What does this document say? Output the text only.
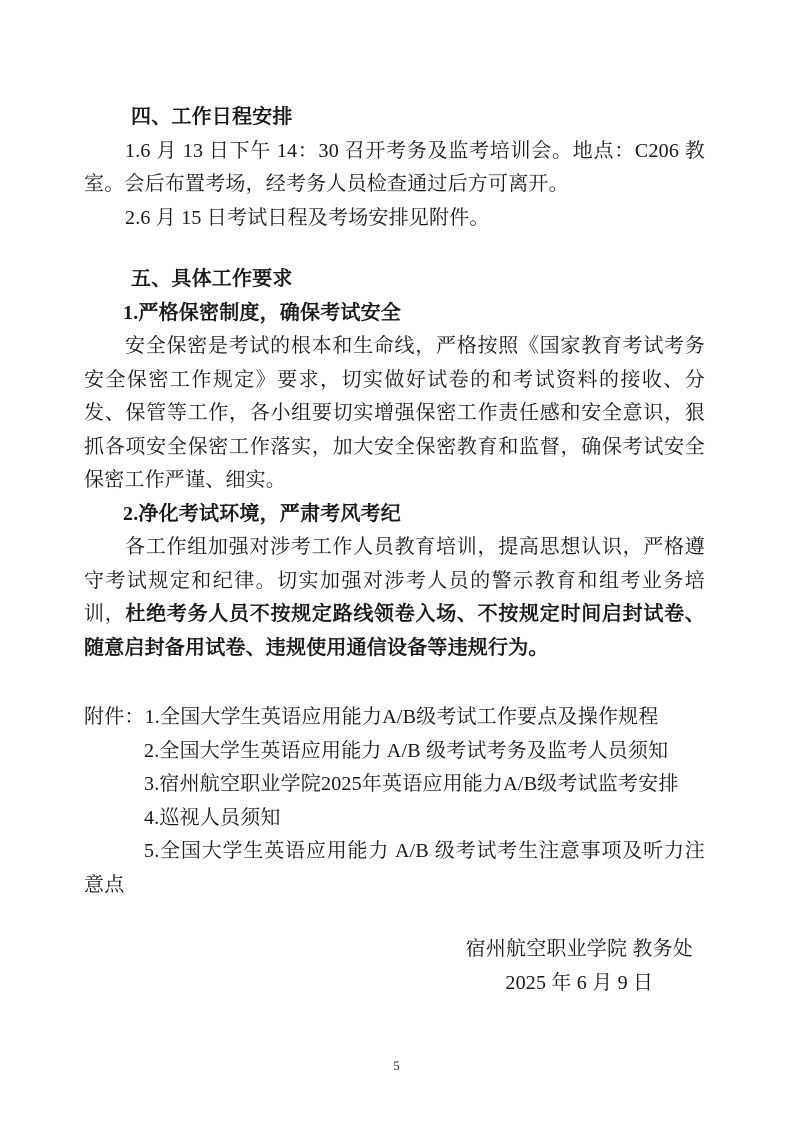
四、工作日程安排

1.6 月 13 日下午 14：30 召开考务及监考培训会。地点：C206 教室。会后布置考场，经考务人员检查通过后方可离开。

2.6 月 15 日考试日程及考场安排见附件。

五、具体工作要求
1.严格保密制度，确保考试安全

安全保密是考试的根本和生命线，严格按照《国家教育考试考务安全保密工作规定》要求，切实做好试卷的和考试资料的接收、分发、保管等工作，各小组要切实增强保密工作责任感和安全意识，狠抓各项安全保密工作落实，加大安全保密教育和监督，确保考试安全保密工作严谨、细实。

2.净化考试环境，严肃考风考纪

各工作组加强对涉考工作人员教育培训，提高思想认识，严格遵守考试规定和纪律。切实加强对涉考人员的警示教育和组考业务培训，杜绝考务人员不按规定路线领卷入场、不按规定时间启封试卷、随意启封备用试卷、违规使用通信设备等违规行为。

附件：1.全国大学生英语应用能力A/B级考试工作要点及操作规程
2.全国大学生英语应用能力 A/B 级考试考务及监考人员须知
3.宿州航空职业学院2025年英语应用能力A/B级考试监考安排
4.巡视人员须知
5.全国大学生英语应用能力 A/B 级考试考生注意事项及听力注意点
宿州航空职业学院 教务处
2025 年 6 月 9 日
5
